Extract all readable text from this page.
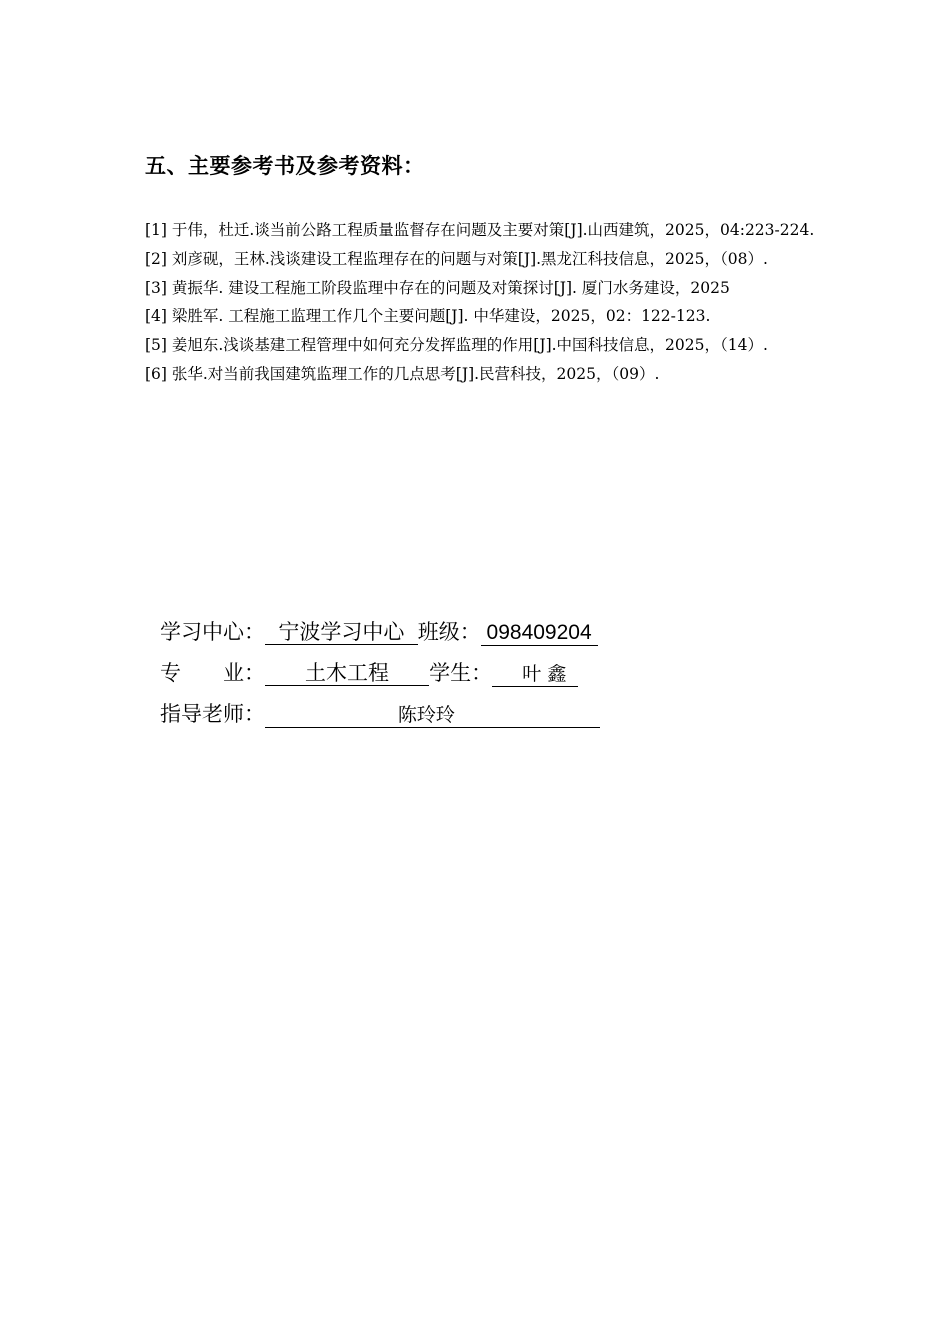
五、主要参考书及参考资料：
[1] 于伟，杜迁.谈当前公路工程质量监督存在问题及主要对策[J].山西建筑，2025，04:223-224.
[2] 刘彦砚，王林.浅谈建设工程监理存在的问题与对策[J].黑龙江科技信息，2025，（08）.
[3] 黄振华. 建设工程施工阶段监理中存在的问题及对策探讨[J]. 厦门水务建设，2025
[4] 梁胜军. 工程施工监理工作几个主要问题[J]. 中华建设，2025，02：122-123.
[5] 姜旭东.浅谈基建工程管理中如何充分发挥监理的作用[J].中国科技信息，2025，（14）.
[6] 张华.对当前我国建筑监理工作的几点思考[J].民营科技，2025，（09）.
学习中心： 宁波学习中心 班级： 098409204
专　　业： 土木工程 学生： 叶 鑫
指导老师： 陈玲玲
